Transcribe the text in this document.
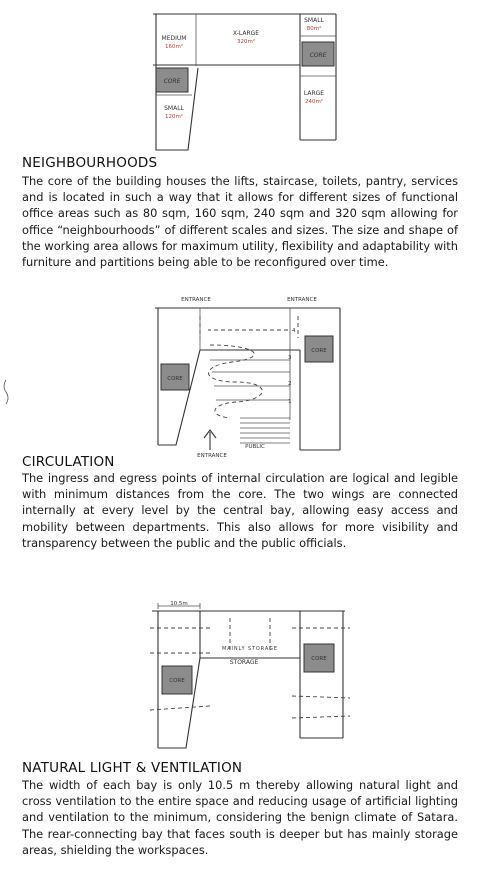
MEDIUM
160m²
X-LARGE
320m²
SMALL
80m²
CORE
CORE
LARGE
240m²
SMALL
120m²
NEIGHBOURHOODS
The core of the building houses the lifts, staircase, toilets, pantry, services and is located in such a way that it allows for different sizes of functional office areas such as 80 sqm, 160 sqm, 240 sqm and 320 sqm allowing for office “neighbourhoods” of different scales and sizes. The size and shape of the working area allows for maximum utility, flexibility and adaptability with furniture and partitions being able to be reconfigured over time.
ENTRANCE	ENTRANCE
4
3
2
1
CORE
CORE
PUBLIC
ENTRANCE
CIRCULATION
The ingress and egress points of internal circulation are logical and legible with minimum distances from the core. The two wings are connected internally at every level by the central bay, allowing easy access and mobility between departments. This also allows for more visibility and transparency between the public and the public officials.
10.5m
MAINLY STORAGE
STORAGE
CORE
CORE
NATURAL LIGHT & VENTILATION
The width of each bay is only 10.5 m thereby allowing natural light and cross ventilation to the entire space and reducing usage of artificial lighting and ventilation to the minimum, considering the benign climate of Satara. The rear-connecting bay that faces south is deeper but has mainly storage areas, shielding the workspaces.
